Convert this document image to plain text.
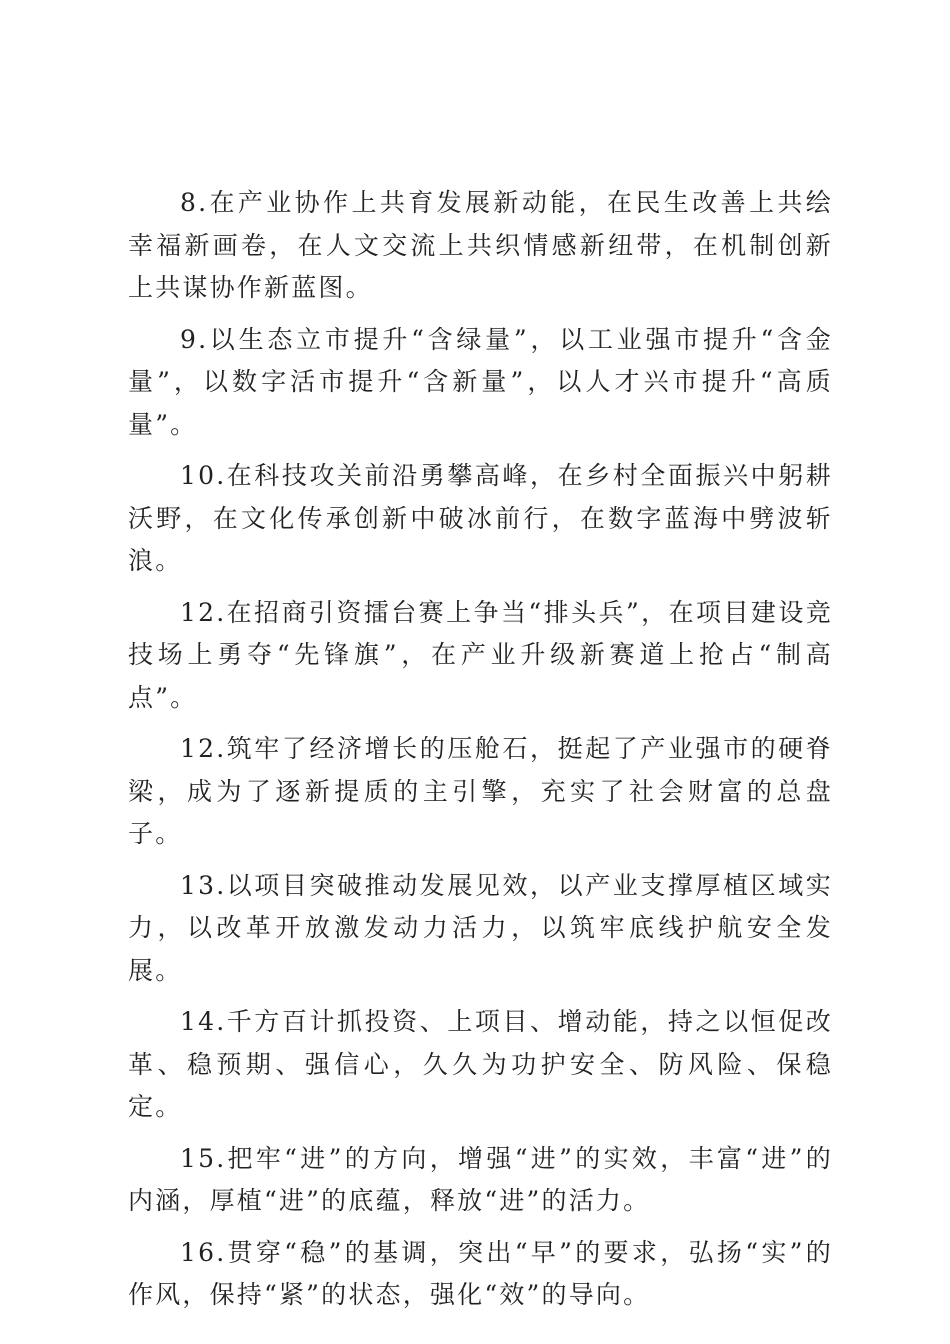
8.在产业协作上共育发展新动能，在民生改善上共绘幸福新画卷，在人文交流上共织情感新纽带，在机制创新上共谋协作新蓝图。

9.以生态立市提升“含绿量”，以工业强市提升“含金量”，以数字活市提升“含新量”，以人才兴市提升“高质量”。

10.在科技攻关前沿勇攀高峰，在乡村全面振兴中躬耕沃野，在文化传承创新中破冰前行，在数字蓝海中劈波斩浪。

12.在招商引资擂台赛上争当“排头兵”，在项目建设竞技场上勇夺“先锋旗”，在产业升级新赛道上抢占“制高点”。

12.筑牢了经济增长的压舱石，挺起了产业强市的硬脊梁，成为了逐新提质的主引擎，充实了社会财富的总盘子。

13.以项目突破推动发展见效，以产业支撑厚植区域实力，以改革开放激发动力活力，以筑牢底线护航安全发展。

14.千方百计抓投资、上项目、增动能，持之以恒促改革、稳预期、强信心，久久为功护安全、防风险、保稳定。

15.把牢“进”的方向，增强“进”的实效，丰富“进”的内涵，厚植“进”的底蕴，释放“进”的活力。

16.贯穿“稳”的基调，突出“早”的要求，弘扬“实”的作风，保持“紧”的状态，强化“效”的导向。
